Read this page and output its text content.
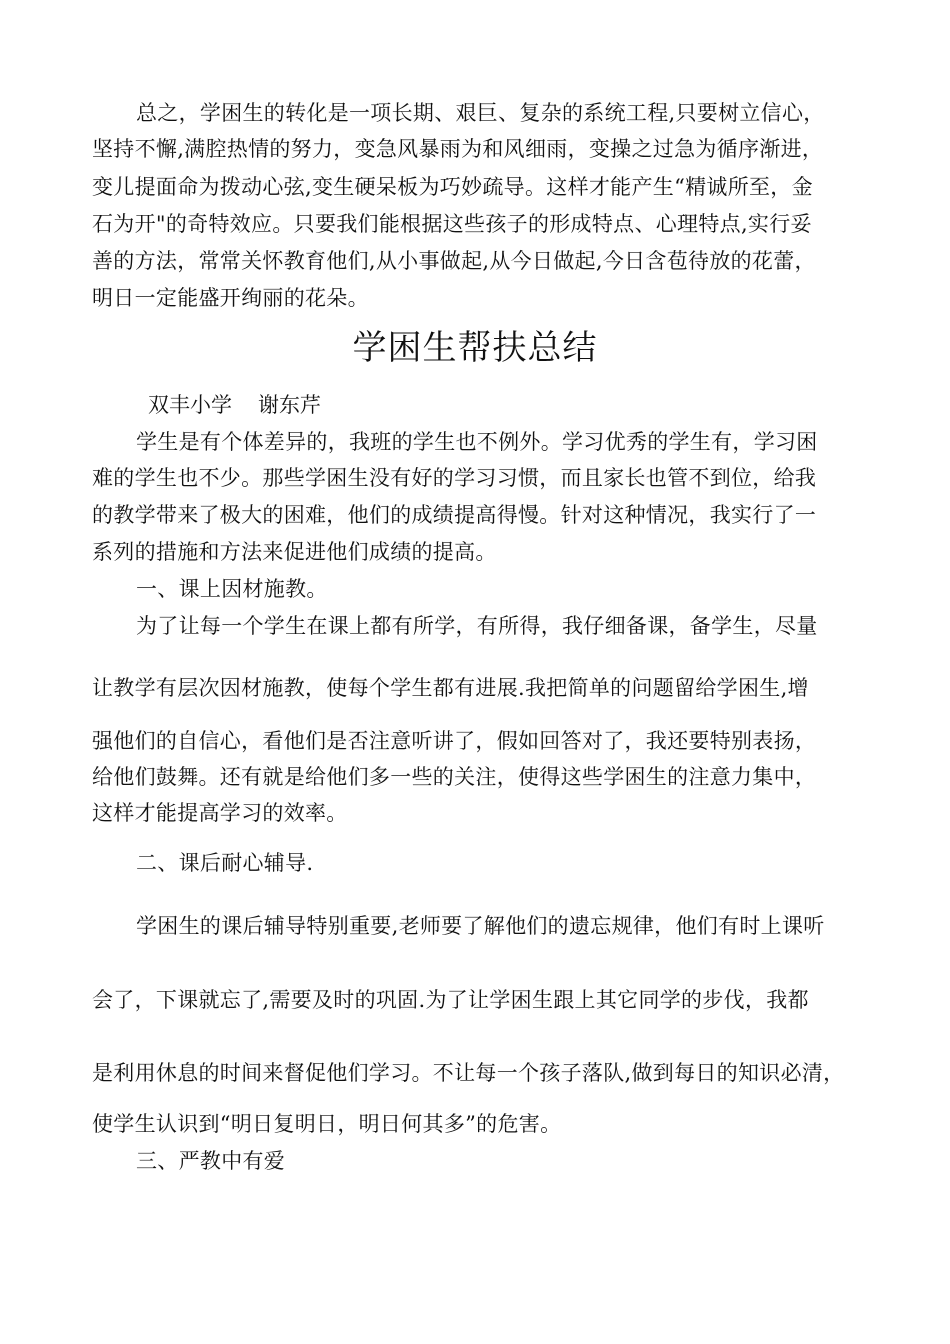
总之，学困生的转化是一项长期、艰巨、复杂的系统工程,只要树立信心，

坚持不懈,满腔热情的努力，变急风暴雨为和风细雨，变操之过急为循序渐进，

变儿提面命为拨动心弦,变生硬呆板为巧妙疏导。这样才能产生“精诚所至，金

石为开"的奇特效应。只要我们能根据这些孩子的形成特点、心理特点,实行妥

善的方法，常常关怀教育他们,从小事做起,从今日做起,今日含苞待放的花蕾，

明日一定能盛开绚丽的花朵。

学困生帮扶总结
双丰小学 谢东芹

学生是有个体差异的，我班的学生也不例外。学习优秀的学生有，学习困

难的学生也不少。那些学困生没有好的学习习惯，而且家长也管不到位，给我

的教学带来了极大的困难，他们的成绩提高得慢。针对这种情况，我实行了一

系列的措施和方法来促进他们成绩的提高。

一、课上因材施教。

为了让每一个学生在课上都有所学，有所得，我仔细备课，备学生，尽量

让教学有层次因材施教，使每个学生都有进展.我把简单的问题留给学困生,增

强他们的自信心，看他们是否注意听讲了，假如回答对了，我还要特别表扬，

给他们鼓舞。还有就是给他们多一些的关注，使得这些学困生的注意力集中，

这样才能提高学习的效率。

二、课后耐心辅导.

学困生的课后辅导特别重要,老师要了解他们的遗忘规律，他们有时上课听

会了，下课就忘了,需要及时的巩固.为了让学困生跟上其它同学的步伐，我都

是利用休息的时间来督促他们学习。不让每一个孩子落队,做到每日的知识必清，

使学生认识到“明日复明日，明日何其多”的危害。

三、严教中有爱
